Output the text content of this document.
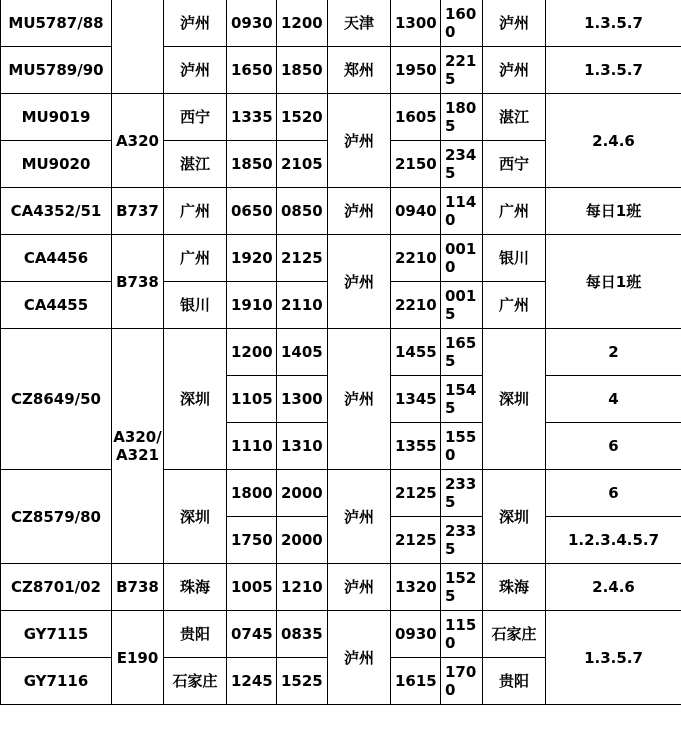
MU5787/88		泸州	0930	1200	天津	1300	1600	泸州	1.3.5.7
MU5789/90		泸州	1650	1850	郑州	1950	2215	泸州	1.3.5.7
MU9019	A320	西宁	1335	1520	泸州	1605	1805	湛江	2.4.6
MU9020		湛江	1850	2105		2150	2345	西宁	
CA4352/51	B737	广州	0650	0850	泸州	0940	1140	广州	每日1班
CA4456	B738	广州	1920	2125	泸州	2210	0010	银川	每日1班
CA4455		银川	1910	2110		2210	0015	广州	
CZ8649/50	A320/A321	深圳	1200	1405	泸州	1455	1655	深圳	2
			1105	1300		1345	1545		4
			1110	1310		1355	1550		6
CZ8579/80		深圳	1800	2000	泸州	2125	2335	深圳	6
			1750	2000		2125	2335		1.2.3.4.5.7
CZ8701/02	B738	珠海	1005	1210	泸州	1320	1525	珠海	2.4.6
GY7115	E190	贵阳	0745	0835	泸州	0930	1150	石家庄	1.3.5.7
GY7116		石家庄	1245	1525		1615	1700	贵阳	
